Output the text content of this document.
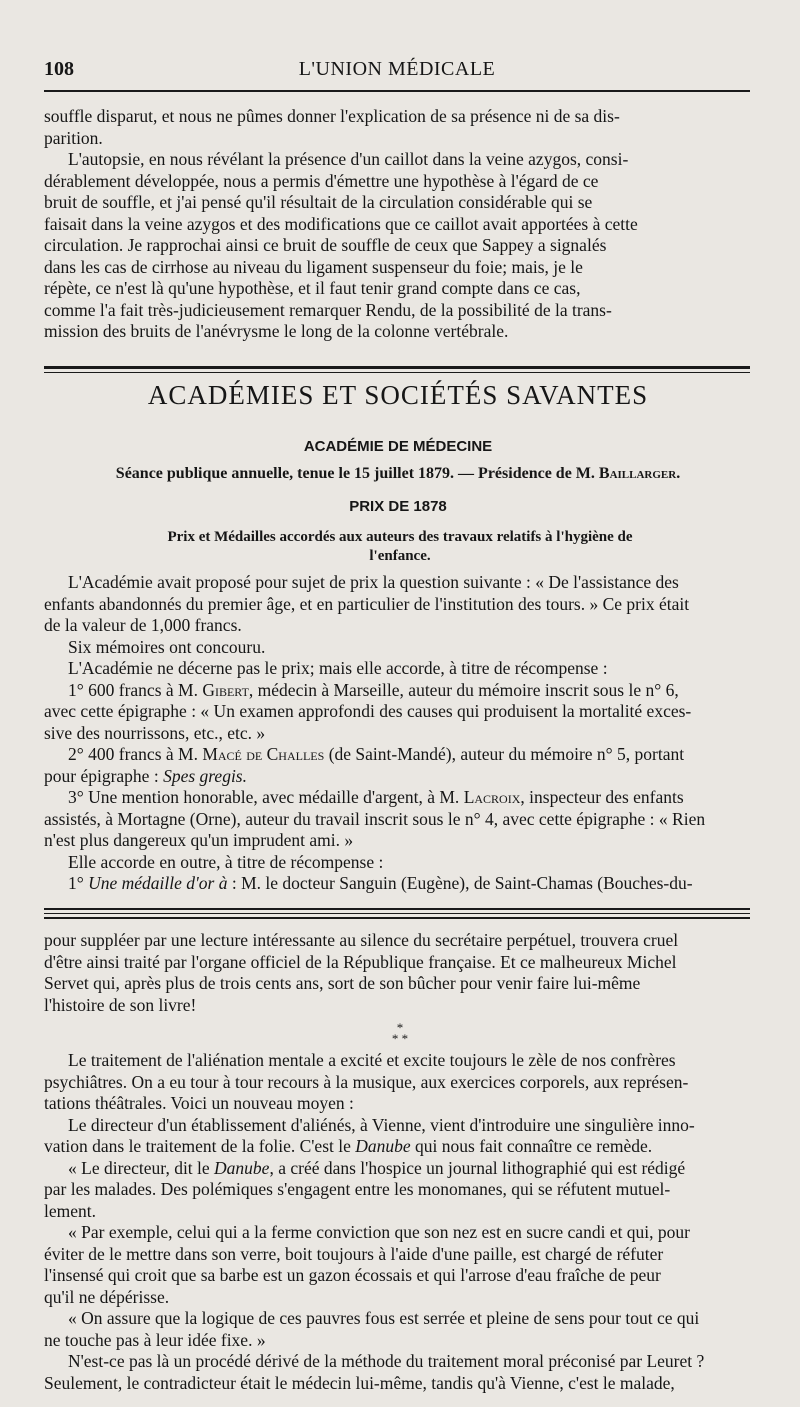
108	L'UNION MÉDICALE
souffle disparut, et nous ne pûmes donner l'explication de sa présence ni de sa dis-
parition.
L'autopsie, en nous révélant la présence d'un caillot dans la veine azygos, consi-
dérablement développée, nous a permis d'émettre une hypothèse à l'égard de ce
bruit de souffle, et j'ai pensé qu'il résultait de la circulation considérable qui se
faisait dans la veine azygos et des modifications que ce caillot avait apportées à cette
circulation. Je rapprochai ainsi ce bruit de souffle de ceux que Sappey a signalés
dans les cas de cirrhose au niveau du ligament suspenseur du foie; mais, je le
répète, ce n'est là qu'une hypothèse, et il faut tenir grand compte dans ce cas,
comme l'a fait très-judicieusement remarquer Rendu, de la possibilité de la trans-
mission des bruits de l'anévrysme le long de la colonne vertébrale.
ACADÉMIES ET SOCIÉTÉS SAVANTES
ACADÉMIE DE MÉDECINE
Séance publique annuelle, tenue le 15 juillet 1879. — Présidence de M. Baillarger.
PRIX DE 1878
Prix et Médailles accordés aux auteurs des travaux relatifs à l'hygiène de
l'enfance.
L'Académie avait proposé pour sujet de prix la question suivante : « De l'assistance des
enfants abandonnés du premier âge, et en particulier de l'institution des tours. » Ce prix était
de la valeur de 1,000 francs.
Six mémoires ont concouru.
L'Académie ne décerne pas le prix; mais elle accorde, à titre de récompense :
1° 600 francs à M. Gibert, médecin à Marseille, auteur du mémoire inscrit sous le n° 6,
avec cette épigraphe : « Un examen approfondi des causes qui produisent la mortalité exces-
sive des nourrissons, etc., etc. »
2° 400 francs à M. Macé de Challes (de Saint-Mandé), auteur du mémoire n° 5, portant
pour épigraphe : Spes gregis.
3° Une mention honorable, avec médaille d'argent, à M. Lacroix, inspecteur des enfants
assistés, à Mortagne (Orne), auteur du travail inscrit sous le n° 4, avec cette épigraphe : « Rien
n'est plus dangereux qu'un imprudent ami. »
Elle accorde en outre, à titre de récompense :
1° Une médaille d'or à : M. le docteur Sanguin (Eugène), de Saint-Chamas (Bouches-du-
pour suppléer par une lecture intéressante au silence du secrétaire perpétuel, trouvera cruel
d'être ainsi traité par l'organe officiel de la République française. Et ce malheureux Michel
Servet qui, après plus de trois cents ans, sort de son bûcher pour venir faire lui-même
l'histoire de son livre!
*
* *
Le traitement de l'aliénation mentale a excité et excite toujours le zèle de nos confrères
psychiâtres. On a eu tour à tour recours à la musique, aux exercices corporels, aux représen-
tations théâtrales. Voici un nouveau moyen :
Le directeur d'un établissement d'aliénés, à Vienne, vient d'introduire une singulière inno-
vation dans le traitement de la folie. C'est le Danube qui nous fait connaître ce remède.
« Le directeur, dit le Danube, a créé dans l'hospice un journal lithographié qui est rédigé
par les malades. Des polémiques s'engagent entre les monomanes, qui se réfutent mutuel-
lement.
« Par exemple, celui qui a la ferme conviction que son nez est en sucre candi et qui, pour
éviter de le mettre dans son verre, boit toujours à l'aide d'une paille, est chargé de réfuter
l'insensé qui croit que sa barbe est un gazon écossais et qui l'arrose d'eau fraîche de peur
qu'il ne dépérisse.
« On assure que la logique de ces pauvres fous est serrée et pleine de sens pour tout ce qui
ne touche pas à leur idée fixe. »
N'est-ce pas là un procédé dérivé de la méthode du traitement moral préconisé par Leuret ?
Seulement, le contradicteur était le médecin lui-même, tandis qu'à Vienne, c'est le malade,
